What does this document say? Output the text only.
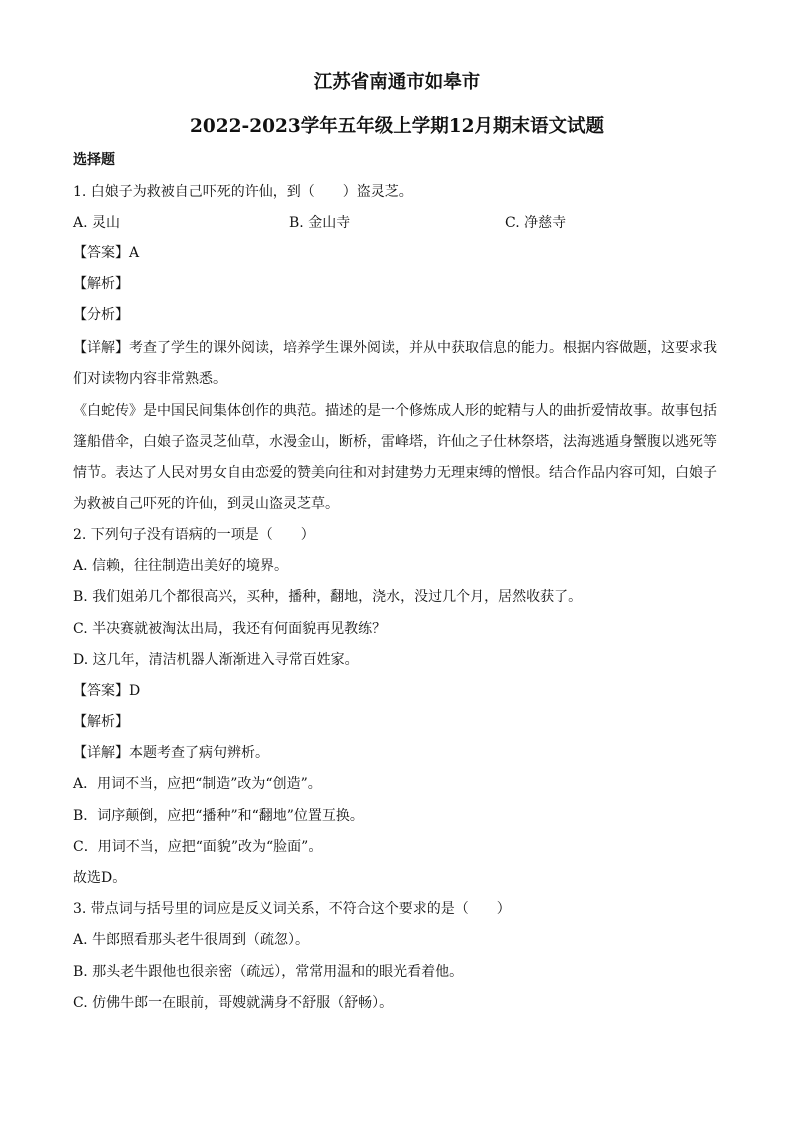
江苏省南通市如皋市
2022-2023学年五年级上学期12月期末语文试题
选择题
1. 白娘子为救被自己吓死的许仙，到（　　）盗灵芝。
A. 灵山	B. 金山寺	C. 净慈寺
【答案】A
【解析】
【分析】
【详解】考查了学生的课外阅读，培养学生课外阅读，并从中获取信息的能力。根据内容做题，这要求我
们对读物内容非常熟悉。
《白蛇传》是中国民间集体创作的典范。描述的是一个修炼成人形的蛇精与人的曲折爱情故事。故事包括
篷船借伞，白娘子盗灵芝仙草，水漫金山，断桥，雷峰塔，许仙之子仕林祭塔，法海逃遁身蟹腹以逃死等
情节。表达了人民对男女自由恋爱的赞美向往和对封建势力无理束缚的憎恨。结合作品内容可知，白娘子
为救被自己吓死的许仙，到灵山盗灵芝草。
2. 下列句子没有语病的一项是（　　）
A. 信赖，往往制造出美好的境界。
B. 我们姐弟几个都很高兴，买种，播种，翻地，浇水，没过几个月，居然收获了。
C. 半决赛就被淘汰出局，我还有何面貌再见教练？
D. 这几年，清洁机器人渐渐进入寻常百姓家。
【答案】D
【解析】
【详解】本题考查了病句辨析。
A．用词不当，应把“制造”改为“创造”。
B．词序颠倒，应把“播种”和“翻地”位置互换。
C．用词不当，应把“面貌”改为“脸面”。
故选D。
3. 带点词与括号里的词应是反义词关系，不符合这个要求的是（　　）
A. 牛郎照看那头老牛很周到（疏忽）。
B. 那头老牛跟他也很亲密（疏远），常常用温和的眼光看着他。
C. 仿佛牛郎一在眼前，哥嫂就满身不舒服（舒畅）。
